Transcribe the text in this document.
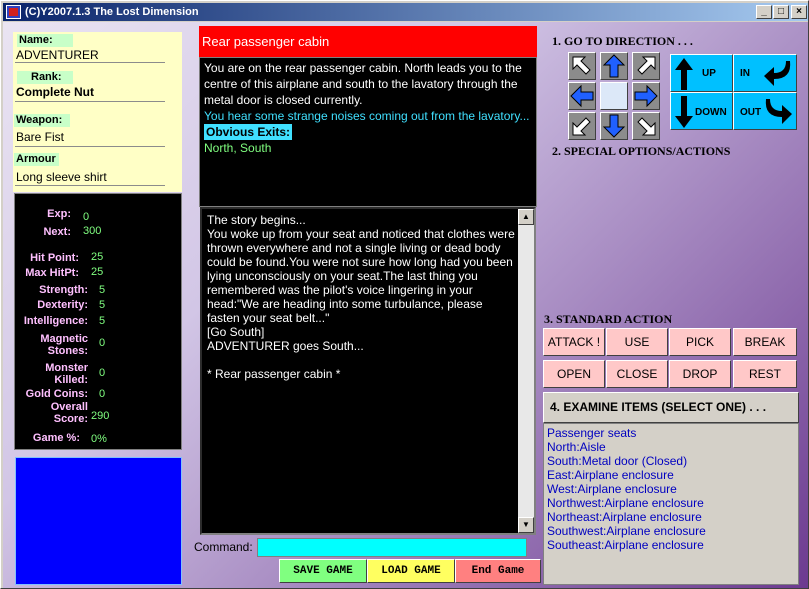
(C)Y2007.1.3 The Lost Dimension	_	□	×
Name:
ADVENTURER
Rank:
Complete Nut
Weapon:
Bare Fist
Armour
Long sleeve shirt
Exp: 0
Next: 300
Hit Point: 25
Max HitPt: 25
Strength: 5
Dexterity: 5
Intelligence: 5
Magnetic
Stones:
0
Monster
Killed:
0
Gold Coins: 0
Overall
Score: 290
Game %: 0%
Rear passenger cabin
You are on the rear passenger cabin. North leads you to the centre of this airplane and south to the lavatory through the metal door is closed currently.
You hear some strange noises coming out from the lavatory...
Obvious Exits:
North, South
The story begins...
You woke up from your seat and noticed that clothes were thrown everywhere and not a single living or dead body could be found.You were not sure how long had you been lying unconsciously on your seat.The last thing you remembered was the pilot's voice lingering in your head:"We are heading into some turbulance, please fasten your seat belt..."
[Go South]
ADVENTURER goes South...

* Rear passenger cabin *
▲
▼
Command:
SAVE GAME	LOAD GAME	End Game
1. GO TO DIRECTION . . .
UP IN
DOWN OUT
2. SPECIAL OPTIONS/ACTIONS
3. STANDARD ACTION
ATTACK !	USE	PICK	BREAK
OPEN	CLOSE	DROP	REST
4. EXAMINE ITEMS (SELECT ONE) . . .
Passenger seats
North:Aisle
South:Metal door (Closed)
East:Airplane enclosure
West:Airplane enclosure
Northwest:Airplane enclosure
Northeast:Airplane enclosure
Southwest:Airplane enclosure
Southeast:Airplane enclosure
